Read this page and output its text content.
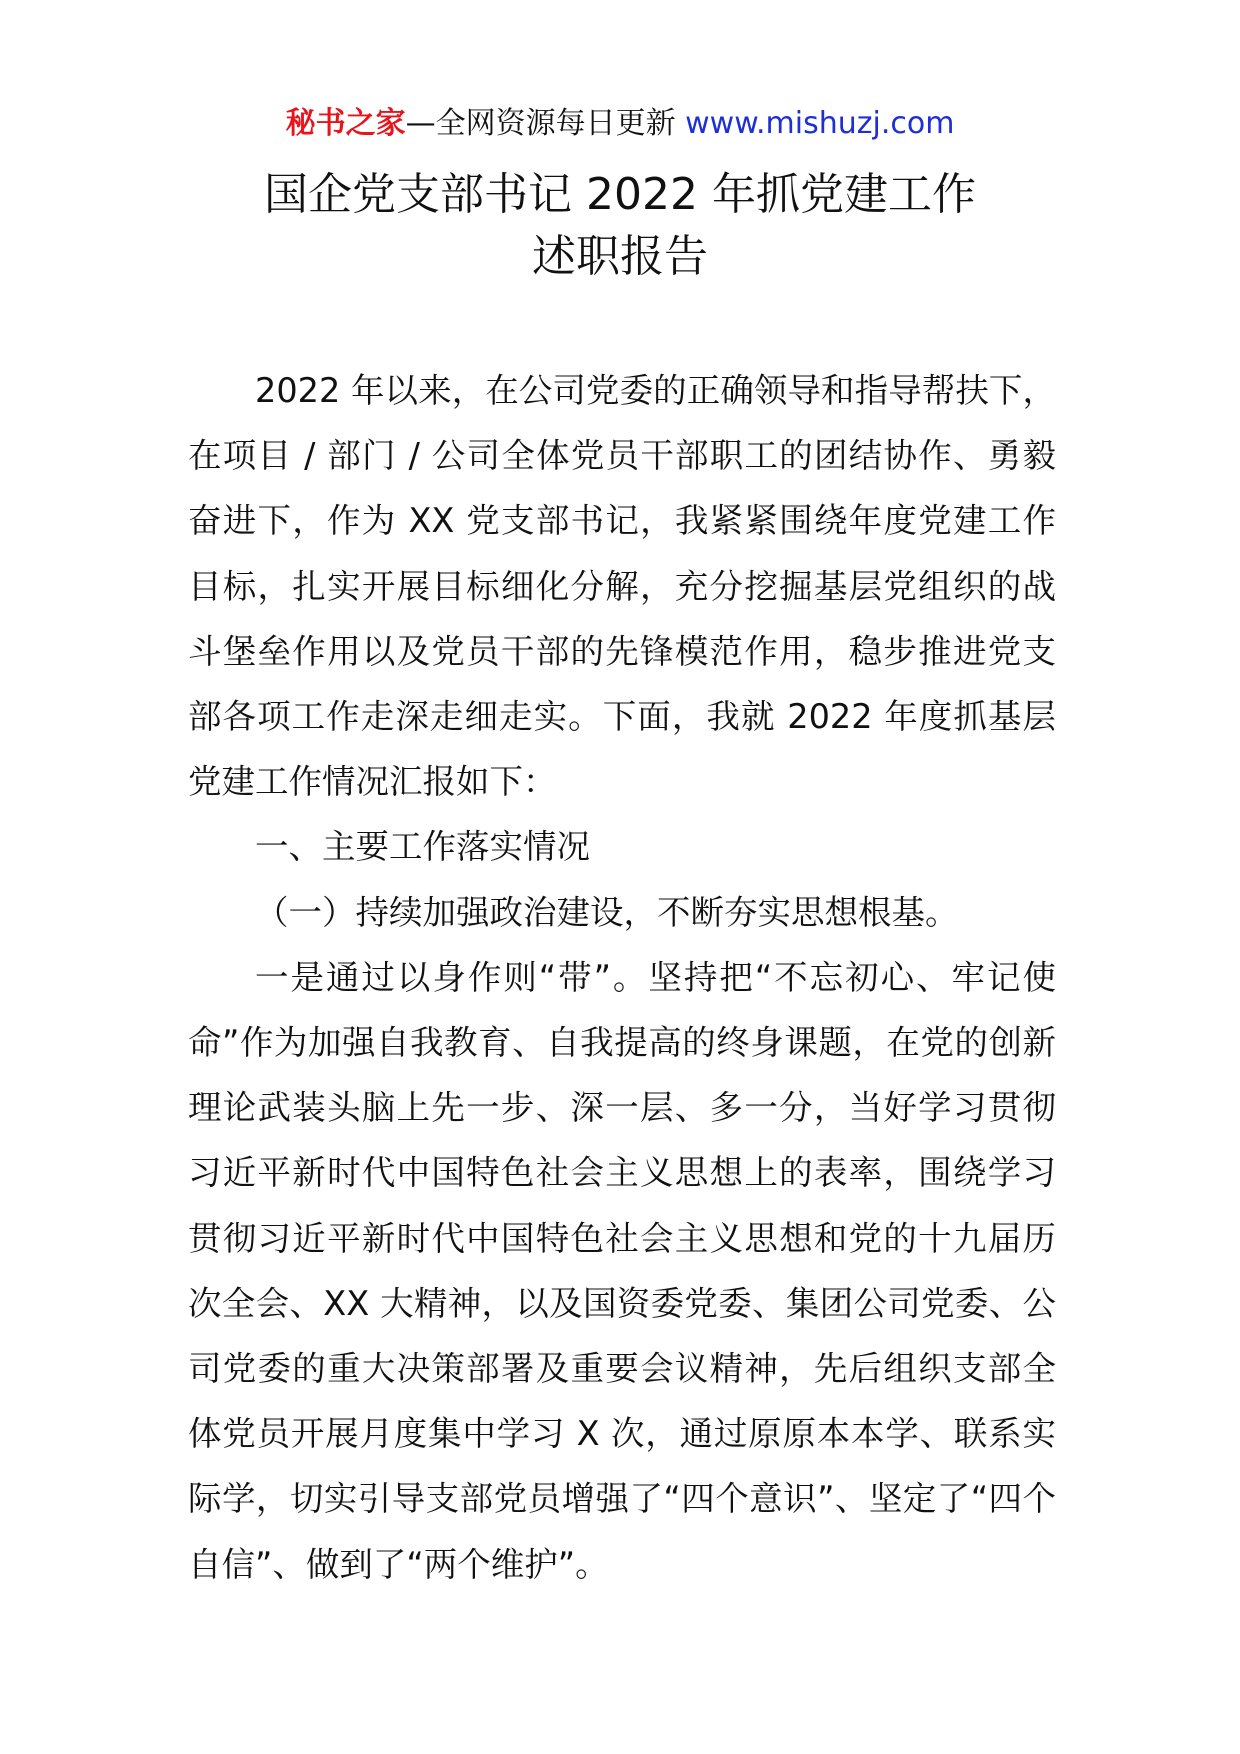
秘书之家—全网资源每日更新 www.mishuzj.com
国企党支部书记 2022 年抓党建工作
述职报告

2022 年以来，在公司党委的正确领导和指导帮扶下，在项目 / 部门 / 公司全体党员干部职工的团结协作、勇毅奋进下，作为 XX 党支部书记，我紧紧围绕年度党建工作目标，扎实开展目标细化分解，充分挖掘基层党组织的战斗堡垒作用以及党员干部的先锋模范作用，稳步推进党支部各项工作走深走细走实。下面，我就 2022 年度抓基层党建工作情况汇报如下：

一、主要工作落实情况

（一）持续加强政治建设，不断夯实思想根基。

一是通过以身作则“带”。坚持把“不忘初心、牢记使命”作为加强自我教育、自我提高的终身课题，在党的创新理论武装头脑上先一步、深一层、多一分，当好学习贯彻习近平新时代中国特色社会主义思想上的表率，围绕学习贯彻习近平新时代中国特色社会主义思想和党的十九届历次全会、XX 大精神，以及国资委党委、集团公司党委、公司党委的重大决策部署及重要会议精神，先后组织支部全体党员开展月度集中学习 X 次，通过原原本本学、联系实际学，切实引导支部党员增强了“四个意识”、坚定了“四个自信”、做到了“两个维护”。
